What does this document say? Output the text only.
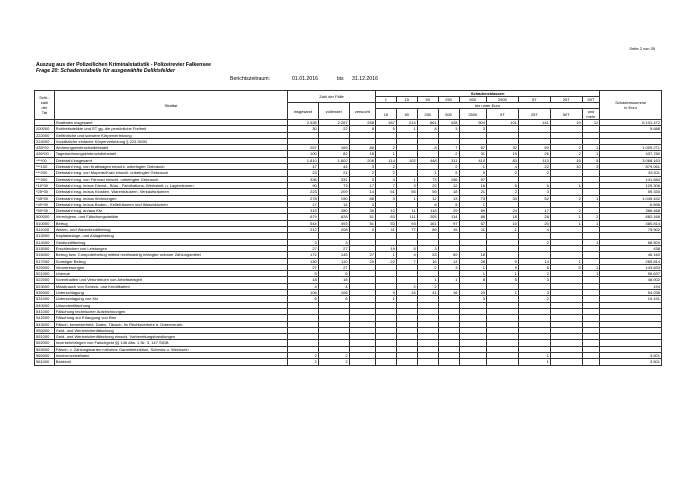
Seite 2 von 35
Auszug aus der Polizeilichen Kriminalstatistik - Polizeirevier Falkensee
Frage 20: Schadenstabelle für ausgewählte Deliktsfelder
Berichtszeitraum:	01.01.2016	bis 31.12.2016
Schl.-
zahl
der
Tat	Straftat	Zahl der Fälle			Schadensklassen									Schadenssumme
in Euro
					1	15	50	250	500	2500	5T	25T	50T	
		insgesamt	vollendet	versucht	bis unter Euro									
					15	50	250	500	2500	5T	25T	50T	und
mehr	
	Straftaten insgesamt	2.535	2.267	268	187	214	661	428	504	101	141	19	12	6.101.472
200000	Rohheitsdelikte und ST gg. die persönliche Freiheit	30	22	8	5	1	8	3	3					5.686
222000	Gefährliche und schwere Körperverletzung													
224000	Vorsätzliche einfache Körperverletzung § 223 StGB													
435*00	Wohnungseinbruchsdiebstahl	257	169	88	2		8	7	67	32	50	2	1	1.009.271
436*00	Tageswohnungseinbruchdiebstahl	100	82	18	1			2	31	19	26	2	1	437.780
****00	Diebstahl insgesamt	1.810	1.602	208	114	102	448	311	410	83	113	16	5	3.068.163
***100	Diebstahl insg. von Kraftwagen einschl. unbefugter Gebrauch	47	44	3	2			2	1	4	22	10	3	879.061
***200	Diebstahl insg. von Mopeds/Krad einschl. unbefugter Gebrauch	23	21	2	2		1	5	9	2	2			33.511
***300	Diebstahl insg. von Fahrrad einschl. unbefugter Gebrauch	336	331	5	4	1	73	156	97					141.584
*10*00	Diebstahl insg. in/aus Dienst-, Büro-, Fabrikations-,Werkstatt- u. Lagerräumen	90	73	17	7	3	22	12	16	6	6	1		129.306
*25*00	Diebstahl insg. in/aus Kiosken, Warenhäusern, Verkaufsräumen	223	209	14	51	55	59	18	21	2	3			59.330
*35*00	Diebstahl insg. in/aus Wohnungen	278	190	88	3	1	12	13	73	33	52	2	1	1.045.442
*40*00	Diebstahl insg. in/aus Boden-, Kellerräumen und Waschküchen	17	14	3			8	5	1					6.896
*50*00	Diebstahl insg. an/aus Kfz	315	280	35	10	11	118	29	69	24	17	2		386.468
500000	Vermögens- und Fälschungsdelikte	679	628	51	63	111	205	114	86	18	28	1	2	682.166
510000	Betrug	544	493	51	53	93	161	97	57	10	20	1	1	480.814
511000	Waren- und Warenkreditbetrug	212	208	4	11	77	89	15	11	1	4			75.902
513000	Kapitalanlage- und Anlagebetrug													
514000	Geldkreditbetrug	3	3								2		1	68.500
515000	Erschleichen von Leistungen	27	27		19	5	3							438
516000	Betrug bzw. Computerbetrug mittels rechtswidrig erlangter unbarer Zahlungsmittel	172	145	27	1	4	53	69	18					46.160
517000	Sonstiger Betrug	130	110	20	22	7	16	13	28	9	14	1		289.814
520000	Veruntreuungen	27	27				2	3	1	9	6	5	1	143.833
521000	Untreue	5	5						1	1	2		1	95.637
522000	Vorenthalten und Veruntreuen von Arbeitsentgelt	18	18				1	1	8	5	3			48.002
523000	Missbrauch von Scheck- und Kreditkarten	4	4			2	2							194
530000	Unterschlagung	106	106		9	16	41	16	20	1	3			54.038
531000	Unterschlagung von Kfz	6	6		1				3		2			19.191
540000	Urkundenfälschung													
541000	Fälschung technischer Aufzeichnungen													
542000	Fälschung zur Erlangung von Btm													
543000	Fälsch. beweiserhebl. Daten, Täusch. im Rechtsverkehr b. Datenverarb.													
550000	Geld- und Wertzeichenfälschung													
551000	Geld- und Wertzeichenfälschung einschl. Vorbereitungshandlungen													
552000	Inverkehrbringen von Falschgeld §§ 146 Abs. 1 Nr. 3, 147 StGB													
553000	Fälsch. v. Zahlungskarten mit/ohne Garantiefunktion, Schecks u. Wechseln													
560000	Insolvenzstraftaten	2	2								1			3.501
561000	Bankrott	2	2								1			3.501
